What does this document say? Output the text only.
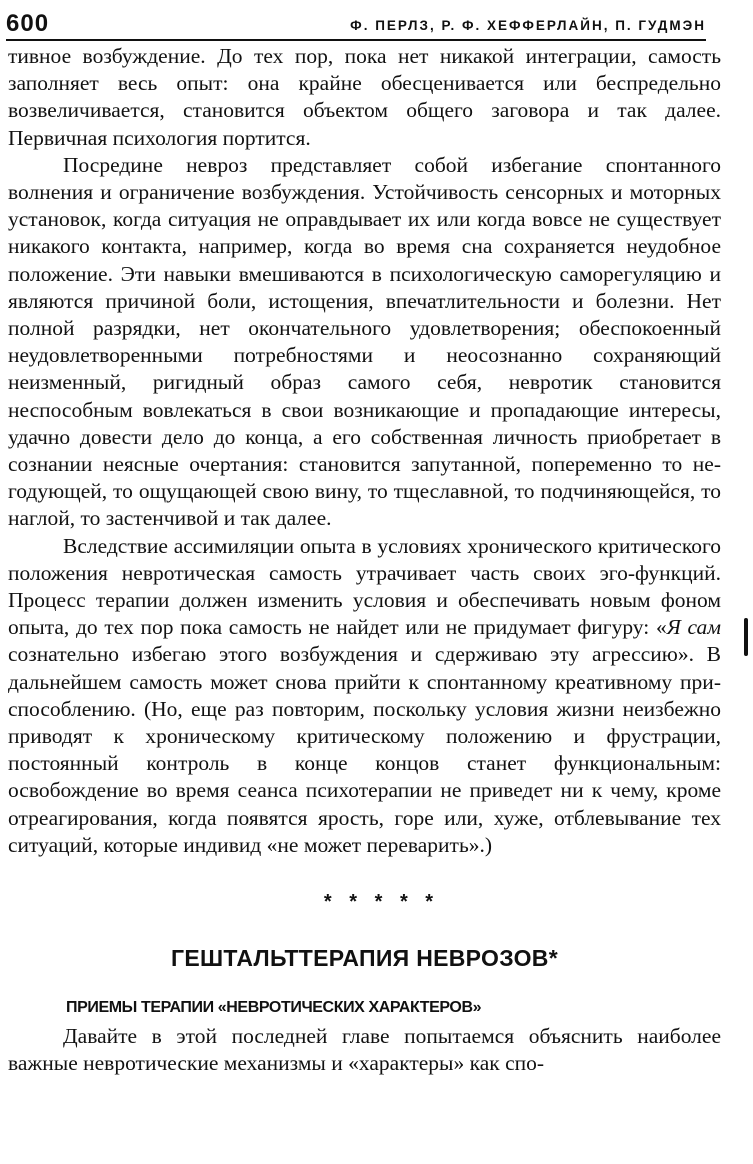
600	Ф. ПЕРЛЗ, Р. Ф. ХЕФФЕРЛАЙН, П. ГУДМЭН

тивное возбуждение. До тех пор, пока нет никакой интеграции, самость заполняет весь опыт: она крайне обесценивается или беспредельно возвеличивается, становится объектом общего заговора и так далее. Первичная психология портится.

Посредине невроз представляет собой избегание спонтанного волнения и ограничение возбуждения. Устойчивость сенсорных и моторных установок, когда ситуация не оправдывает их или когда вовсе не существует никакого контакта, например, когда во время сна сохраняется неудобное положение. Эти навыки вмешиваются в психологическую саморегуляцию и являются причиной боли, истощения, впечатлительности и болезни. Нет полной разрядки, нет окончательного удовлетворения; обеспокоенный неудовлетворенными потребностями и неосознанно сохраняющий неизменный, ригидный образ самого себя, невротик становится неспособным вовлекаться в свои возникающие и пропадающие интересы, удачно довести дело до конца, а его собственная личность приобретает в сознании неясные очертания: становится запутанной, попеременно то негодующей, то ощущающей свою вину, то тщеславной, то подчиняющейся, то наглой, то застенчивой и так далее.

Вследствие ассимиляции опыта в условиях хронического критического положения невротическая самость утрачивает часть своих эго-функций. Процесс терапии должен изменить условия и обеспечивать новым фоном опыта, до тех пор пока самость не найдет или не придумает фигуру: «Я сам сознательно избегаю этого возбуждения и сдерживаю эту агрессию». В дальнейшем самость может снова прийти к спонтанному креативному приспособлению. (Но, еще раз повторим, поскольку условия жизни неизбежно приводят к хроническому критическому положению и фрустрации, постоянный контроль в конце концов станет функциональным: освобождение во время сеанса психотерапии не приведет ни к чему, кроме отреагирования, когда появятся ярость, горе или, хуже, отблевывание тех ситуаций, которые индивид «не может переварить».)

* * * * *
ГЕШТАЛЬТТЕРАПИЯ НЕВРОЗОВ*
ПРИЕМЫ ТЕРАПИИ «НЕВРОТИЧЕСКИХ ХАРАКТЕРОВ»

Давайте в этой последней главе попытаемся объяснить наиболее важные невротические механизмы и «характеры» как спо-
